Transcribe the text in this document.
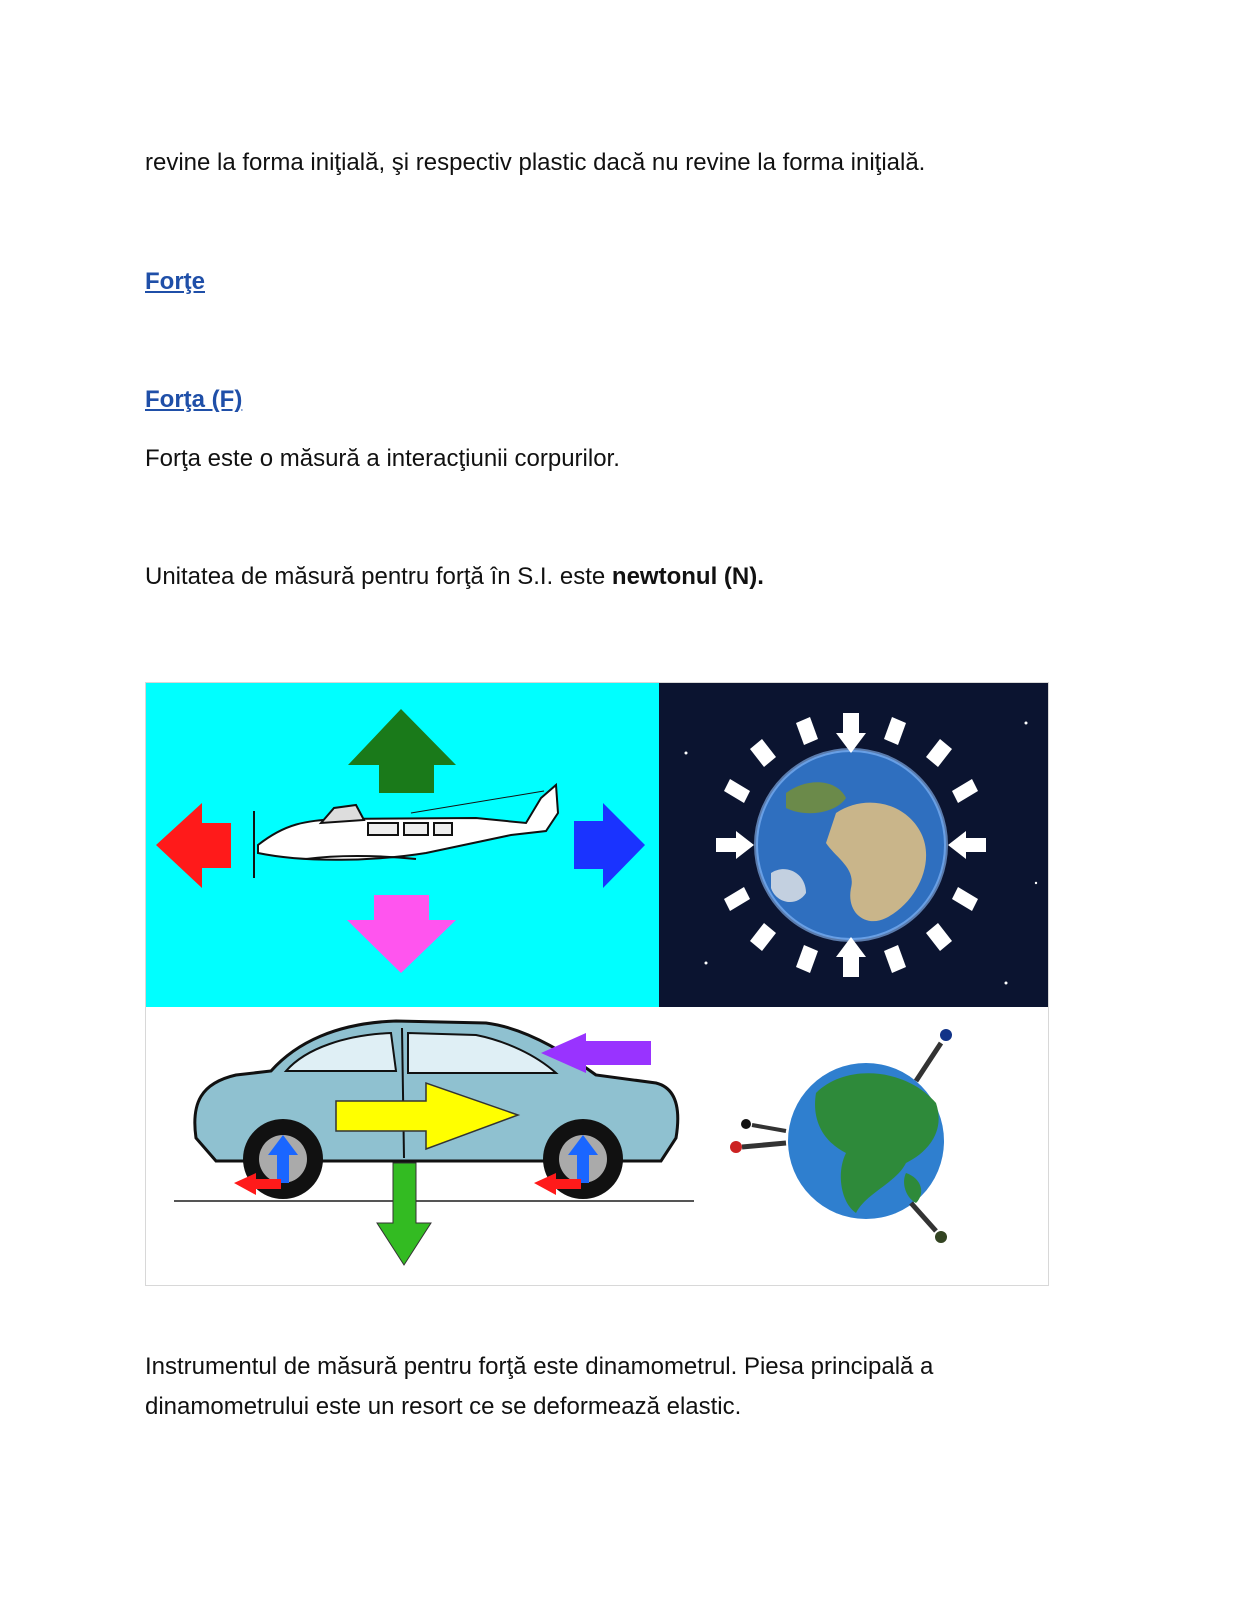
revine la forma iniţială, şi respectiv plastic dacă nu revine la forma iniţială.

Forţe
Forţa (F)

Forţa este o măsură a interacţiunii corpurilor.

Unitatea de măsură pentru forţă în S.I. este newtonul (N).

Instrumentul de măsură pentru forţă este dinamometrul. Piesa principală a

dinamometrului este un resort ce se deformează elastic.
